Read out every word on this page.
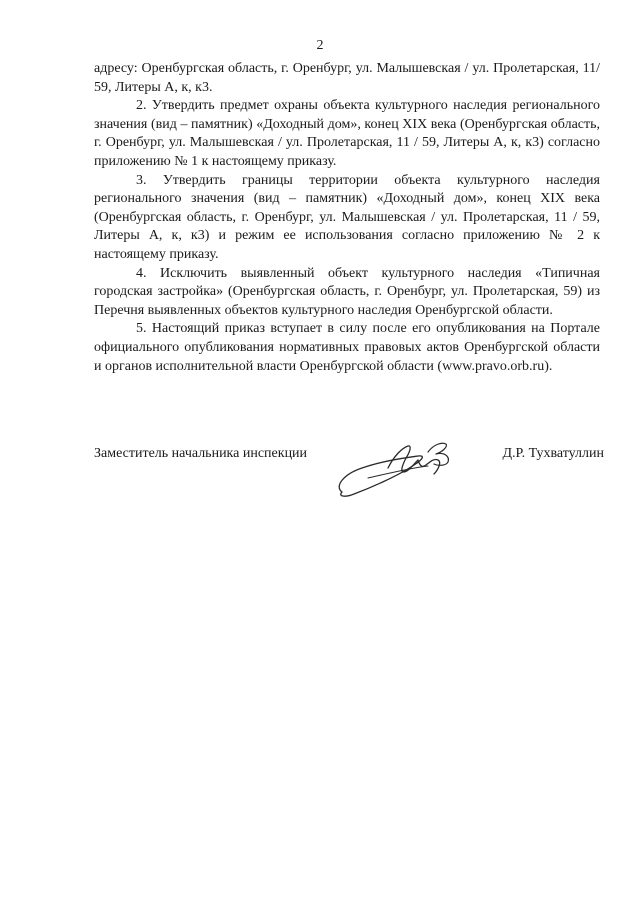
2

адресу: Оренбургская область, г. Оренбург, ул. Малышевская / ул. Пролетарская, 11/ 59, Литеры А, к, к3.

2. Утвердить предмет охраны объекта культурного наследия регионального значения (вид – памятник) «Доходный дом», конец XIX века (Оренбургская область, г. Оренбург, ул. Малышевская / ул. Пролетарская, 11 / 59, Литеры А, к, к3) согласно приложению № 1 к настоящему приказу.

3. Утвердить границы территории объекта культурного наследия регионального значения (вид – памятник) «Доходный дом», конец XIX века (Оренбургская область, г. Оренбург, ул. Малышевская / ул. Пролетарская, 11 / 59, Литеры А, к, к3) и режим ее использования согласно приложению № 2 к настоящему приказу.

4. Исключить выявленный объект культурного наследия «Типичная городская застройка» (Оренбургская область, г. Оренбург, ул. Пролетарская, 59) из Перечня выявленных объектов культурного наследия Оренбургской области.

5. Настоящий приказ вступает в силу после его опубликования на Портале официального опубликования нормативных правовых актов Оренбургской области и органов исполнительной власти Оренбургской области (www.pravo.orb.ru).

Заместитель начальника инспекции	Д.Р. Тухватуллин
